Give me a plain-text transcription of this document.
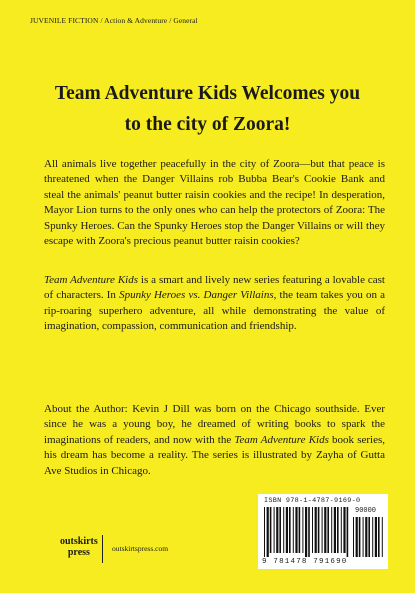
JUVENILE FICTION / Action & Adventure / General
Team Adventure Kids Welcomes you
to the city of Zoora!

All animals live together peacefully in the city of Zoora—but that peace is threatened when the Danger Villains rob Bubba Bear's Cookie Bank and steal the animals' peanut butter raisin cookies and the recipe! In desperation, Mayor Lion turns to the only ones who can help the protectors of Zoora: The Spunky Heroes. Can the Spunky Heroes stop the Danger Villains or will they escape with Zoora's precious peanut butter raisin cookies?

Team Adventure Kids is a smart and lively new series featuring a lovable cast of characters. In Spunky Heroes vs. Danger Villains, the team takes you on a rip-roaring superhero adventure, all while demonstrating the value of imagination, compassion, communication and friendship.

About the Author: Kevin J Dill was born on the Chicago southside. Ever since he was a young boy, he dreamed of writing books to spark the imaginations of readers, and now with the Team Adventure Kids book series, his dream has become a reality. The series is illustrated by Zayha of Gutta Ave Studios in Chicago.

outskirts
press	outskirtspress.com
ISBN 978-1-4787-9169-0
90000
9 781478 791690
